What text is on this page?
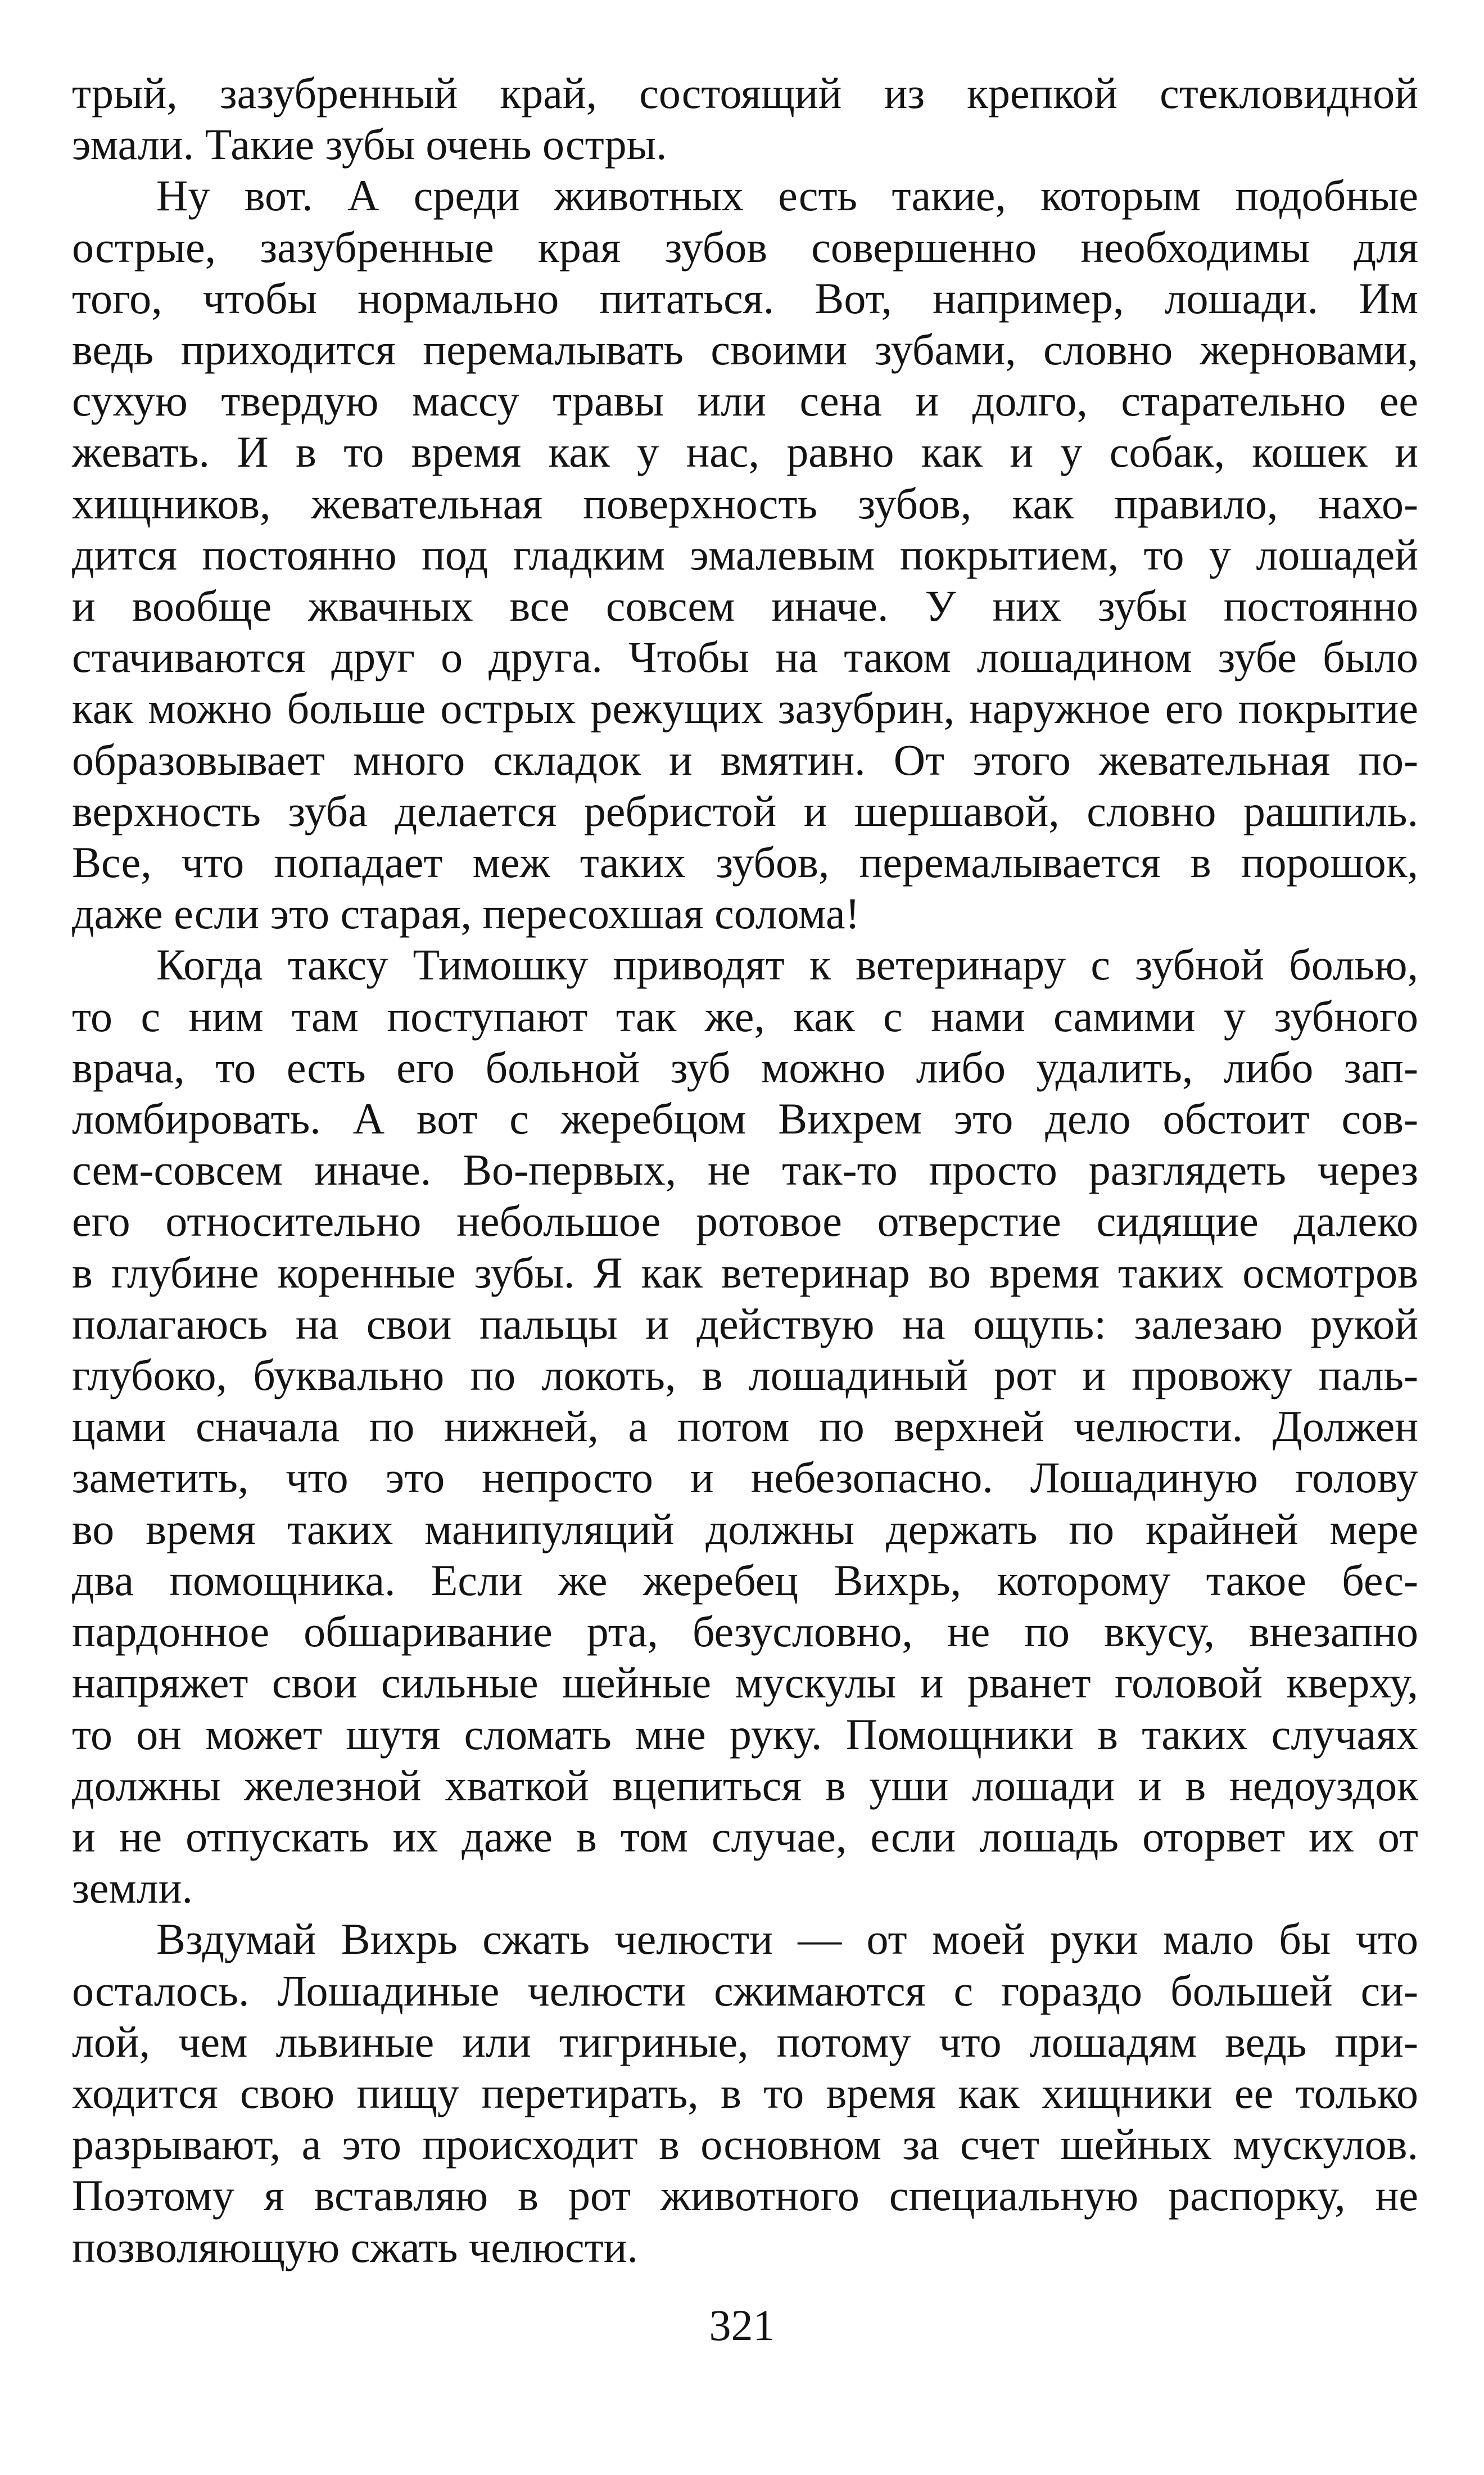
трый, зазубренный край, состоящий из крепкой стекловидной
эмали. Такие зубы очень остры.
Ну вот. А среди животных есть такие, которым подобные
острые, зазубренные края зубов совершенно необходимы для
того, чтобы нормально питаться. Вот, например, лошади. Им
ведь приходится перемалывать своими зубами, словно жерновами,
сухую твердую массу травы или сена и долго, старательно ее
жевать. И в то время как у нас, равно как и у собак, кошек и
хищников, жевательная поверхность зубов, как правило, нахо-
дится постоянно под гладким эмалевым покрытием, то у лошадей
и вообще жвачных все совсем иначе. У них зубы постоянно
стачиваются друг о друга. Чтобы на таком лошадином зубе было
как можно больше острых режущих зазубрин, наружное его покрытие
образовывает много складок и вмятин. От этого жевательная по-
верхность зуба делается ребристой и шершавой, словно рашпиль.
Все, что попадает меж таких зубов, перемалывается в порошок,
даже если это старая, пересохшая солома!
Когда таксу Тимошку приводят к ветеринару с зубной болью,
то с ним там поступают так же, как с нами самими у зубного
врача, то есть его больной зуб можно либо удалить, либо зап-
ломбировать. А вот с жеребцом Вихрем это дело обстоит сов-
сем-совсем иначе. Во-первых, не так-то просто разглядеть через
его относительно небольшое ротовое отверстие сидящие далеко
в глубине коренные зубы. Я как ветеринар во время таких осмотров
полагаюсь на свои пальцы и действую на ощупь: залезаю рукой
глубоко, буквально по локоть, в лошадиный рот и провожу паль-
цами сначала по нижней, а потом по верхней челюсти. Должен
заметить, что это непросто и небезопасно. Лошадиную голову
во время таких манипуляций должны держать по крайней мере
два помощника. Если же жеребец Вихрь, которому такое бес-
пардонное обшаривание рта, безусловно, не по вкусу, внезапно
напряжет свои сильные шейные мускулы и рванет головой кверху,
то он может шутя сломать мне руку. Помощники в таких случаях
должны железной хваткой вцепиться в уши лошади и в недоуздок
и не отпускать их даже в том случае, если лошадь оторвет их от
земли.
Вздумай Вихрь сжать челюсти — от моей руки мало бы что
осталось. Лошадиные челюсти сжимаются с гораздо большей си-
лой, чем львиные или тигриные, потому что лошадям ведь при-
ходится свою пищу перетирать, в то время как хищники ее только
разрывают, а это происходит в основном за счет шейных мускулов.
Поэтому я вставляю в рот животного специальную распорку, не
позволяющую сжать челюсти.
321
